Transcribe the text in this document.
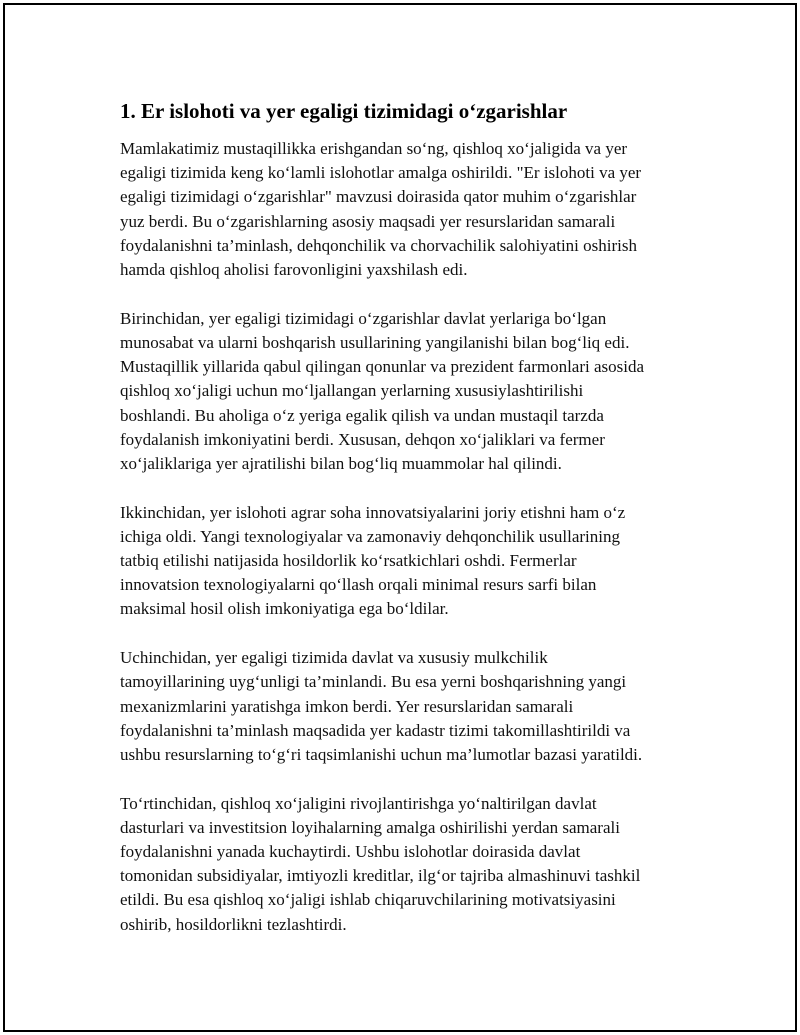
1. Er islohoti va yer egaligi tizimidagi o‘zgarishlar

Mamlakatimiz mustaqillikka erishgandan so‘ng, qishloq xo‘jaligida va yer
egaligi tizimida keng ko‘lamli islohotlar amalga oshirildi. "Er islohoti va yer
egaligi tizimidagi o‘zgarishlar" mavzusi doirasida qator muhim o‘zgarishlar
yuz berdi. Bu o‘zgarishlarning asosiy maqsadi yer resurslaridan samarali
foydalanishni ta’minlash, dehqonchilik va chorvachilik salohiyatini oshirish
hamda qishloq aholisi farovonligini yaxshilash edi.

Birinchidan, yer egaligi tizimidagi o‘zgarishlar davlat yerlariga bo‘lgan
munosabat va ularni boshqarish usullarining yangilanishi bilan bog‘liq edi.
Mustaqillik yillarida qabul qilingan qonunlar va prezident farmonlari asosida
qishloq xo‘jaligi uchun mo‘ljallangan yerlarning xususiylashtirilishi
boshlandi. Bu aholiga o‘z yeriga egalik qilish va undan mustaqil tarzda
foydalanish imkoniyatini berdi. Xususan, dehqon xo‘jaliklari va fermer
xo‘jaliklariga yer ajratilishi bilan bog‘liq muammolar hal qilindi.

Ikkinchidan, yer islohoti agrar soha innovatsiyalarini joriy etishni ham o‘z
ichiga oldi. Yangi texnologiyalar va zamonaviy dehqonchilik usullarining
tatbiq etilishi natijasida hosildorlik ko‘rsatkichlari oshdi. Fermerlar
innovatsion texnologiyalarni qo‘llash orqali minimal resurs sarfi bilan
maksimal hosil olish imkoniyatiga ega bo‘ldilar.

Uchinchidan, yer egaligi tizimida davlat va xususiy mulkchilik
tamoyillarining uyg‘unligi ta’minlandi. Bu esa yerni boshqarishning yangi
mexanizmlarini yaratishga imkon berdi. Yer resurslaridan samarali
foydalanishni ta’minlash maqsadida yer kadastr tizimi takomillashtirildi va
ushbu resurslarning to‘g‘ri taqsimlanishi uchun ma’lumotlar bazasi yaratildi.

To‘rtinchidan, qishloq xo‘jaligini rivojlantirishga yo‘naltirilgan davlat
dasturlari va investitsion loyihalarning amalga oshirilishi yerdan samarali
foydalanishni yanada kuchaytirdi. Ushbu islohotlar doirasida davlat
tomonidan subsidiyalar, imtiyozli kreditlar, ilg‘or tajriba almashinuvi tashkil
etildi. Bu esa qishloq xo‘jaligi ishlab chiqaruvchilarining motivatsiyasini
oshirib, hosildorlikni tezlashtirdi.
